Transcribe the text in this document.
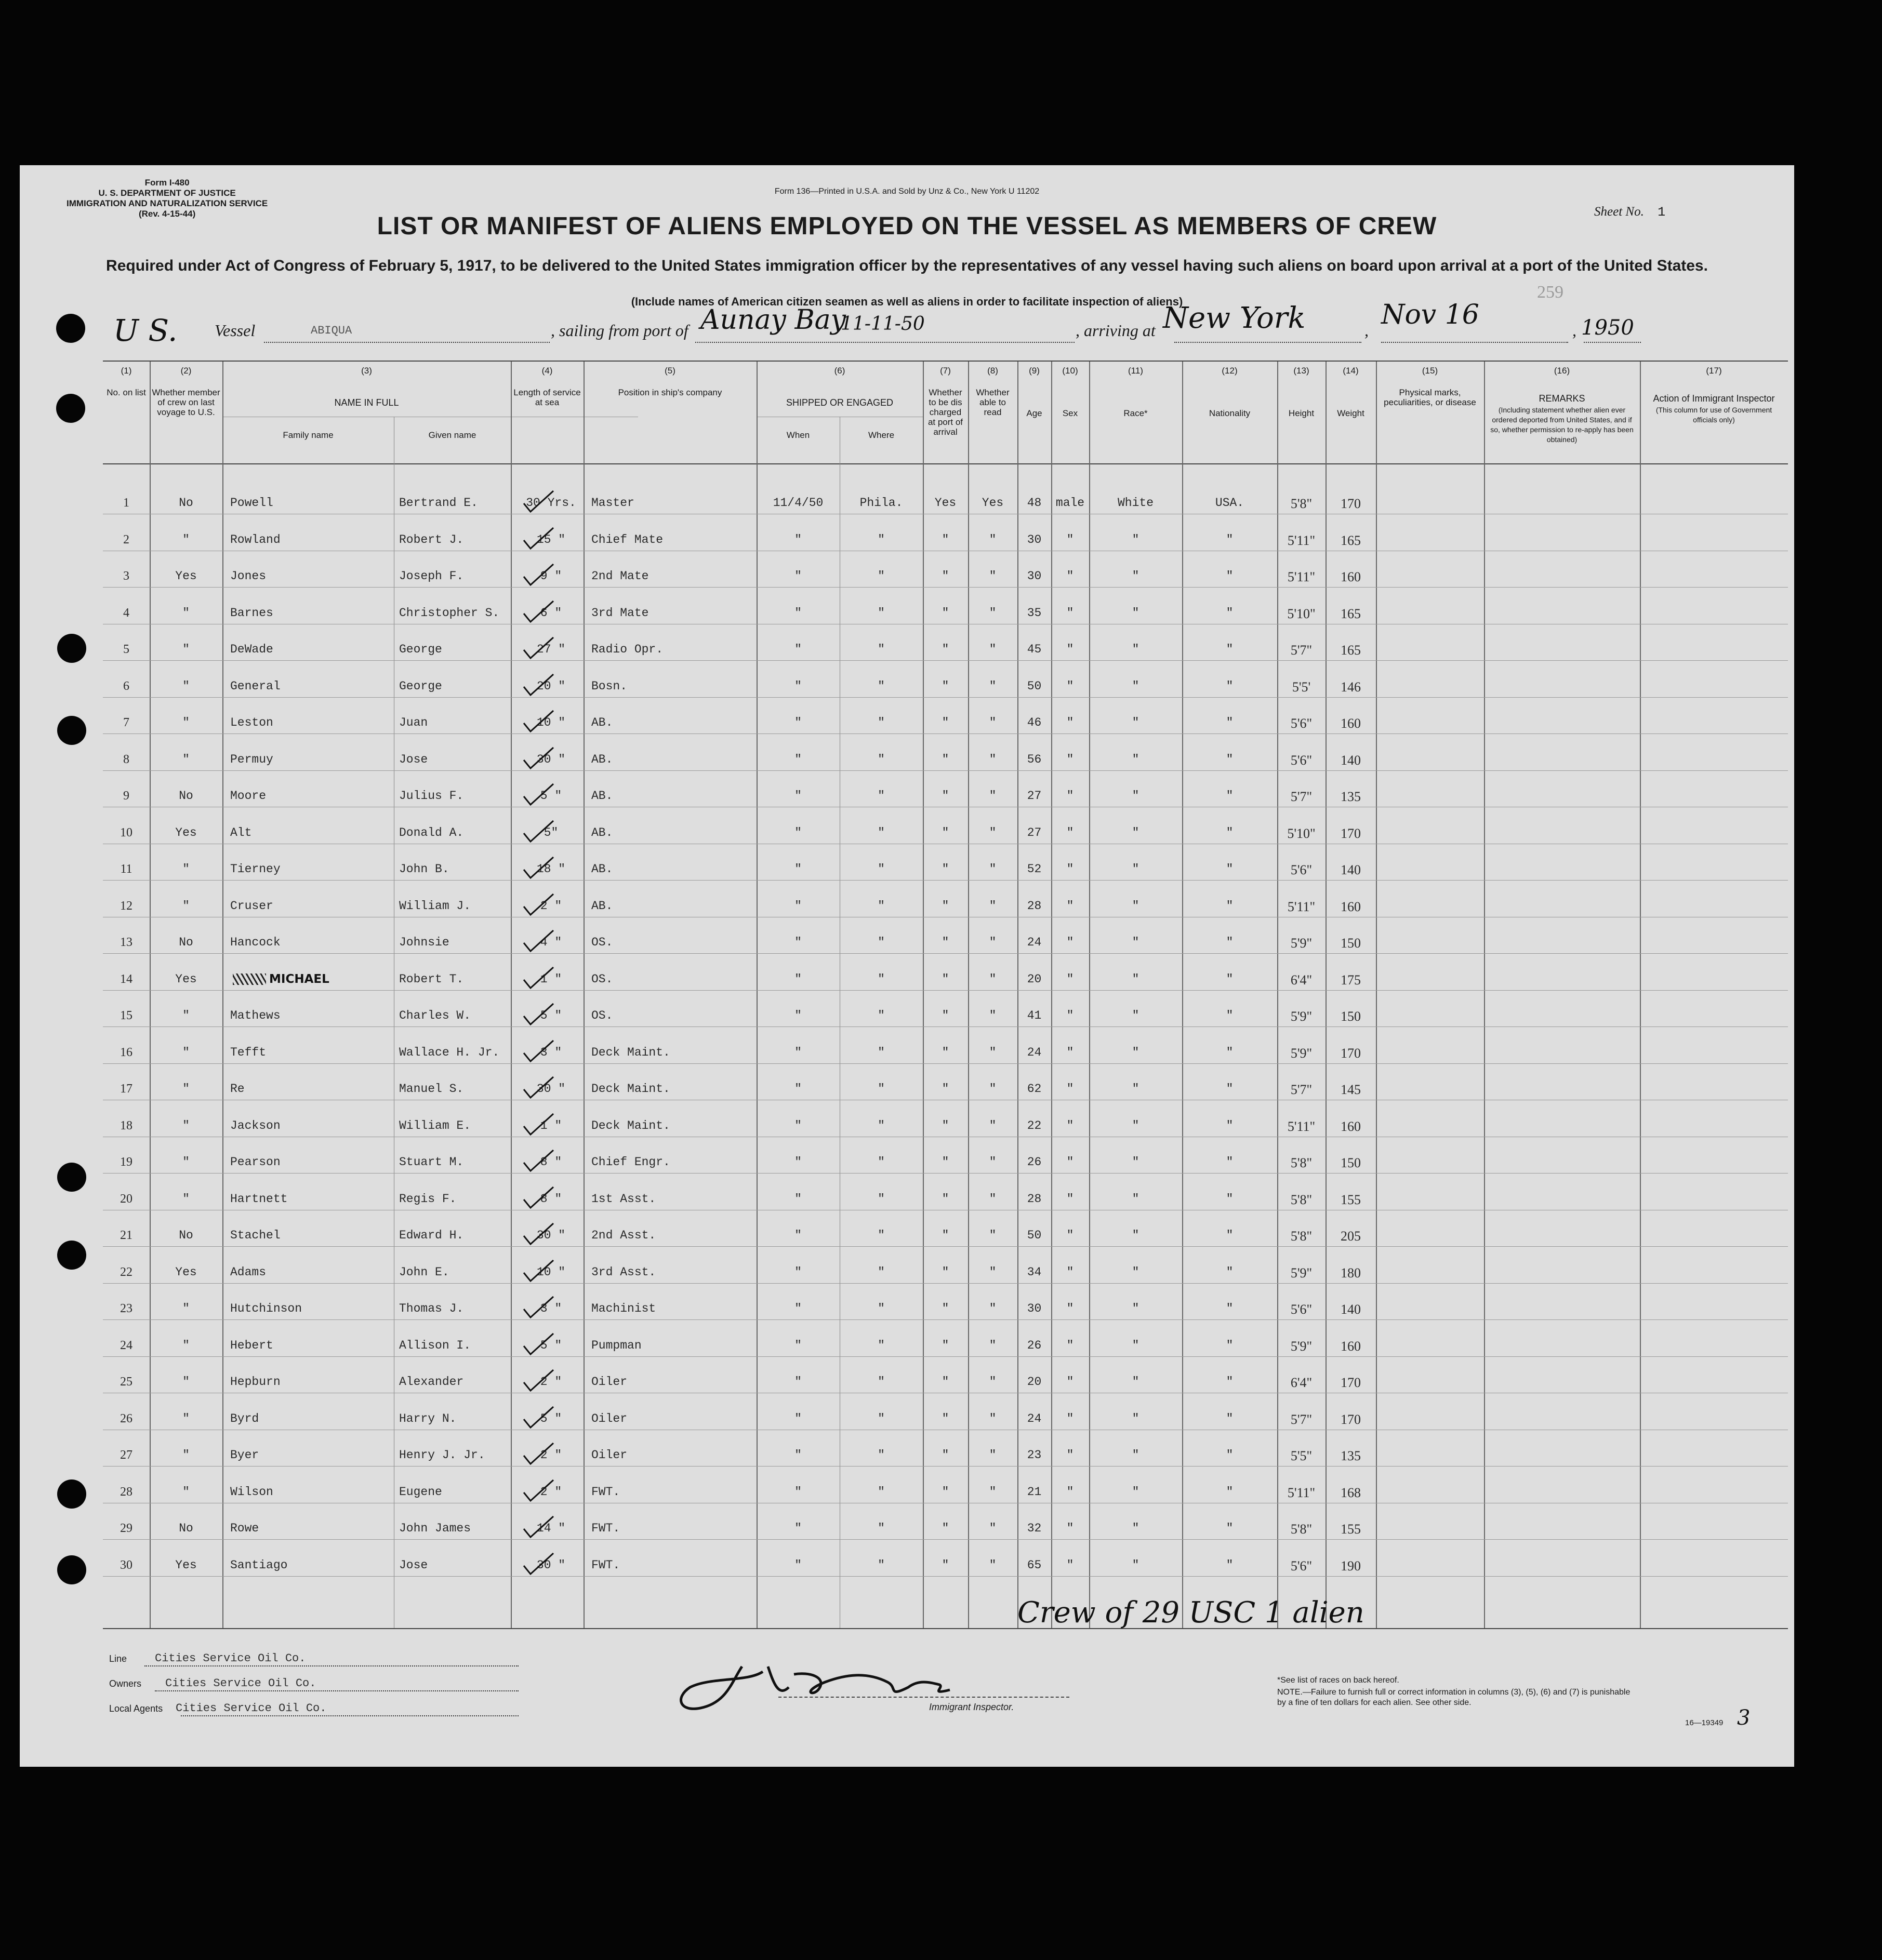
Form I-480
U. S. DEPARTMENT OF JUSTICE
IMMIGRATION AND NATURALIZATION SERVICE
(Rev. 4-15-44)
Form 136—Printed in U.S.A. and Sold by Unz & Co., New York U 11202
Sheet No. 1
LIST OR MANIFEST OF ALIENS EMPLOYED ON THE VESSEL AS MEMBERS OF CREW
Required under Act of Congress of February 5, 1917, to be delivered to the United States immigration officer by the representatives of any vessel having such aliens on board upon arrival at a port of the United States.
(Include names of American citizen seamen as well as aliens in order to facilitate inspection of aliens)	259
U S. Vessel	ABIQUA	, sailing from port of Aunay Bay
11-11-50	, arriving at New York	, Nov 16	, 1950
(1)
No. on list
(2)
Whether member of crew on last voyage to U.S.
(3)
NAME IN FULL
(4)
Length of service at sea
(5)
Position in ship's company
(6)
SHIPPED OR ENGAGED
(7)
Whether to be dis charged at port of arrival
(8)
Whether able to read
(9)
Age
(10)
Sex
(11)
Race*
(12)
Nationality
(13)
Height
(14)
Weight
(15)
Physical marks, peculiarities, or disease
(16)
REMARKS
(Including statement whether alien ever ordered deported from United States, and if so, whether permission to re-apply has been obtained)
(17)
Action of Immigrant Inspector
(This column for use of Government officials only)
Family name	Given name	When	Where
1	No	Powell	Bertrand E.	30 Yrs.	Master	11/4/50	Phila.	Yes	Yes	48	male	White	USA.	5'8"	170
2	"	Rowland	Robert J.	15 "	Chief Mate	"	"	"	"	30	"	"	"	5'11"	165
3	Yes	Jones	Joseph F.	9 "	2nd Mate	"	"	"	"	30	"	"	"	5'11"	160
4	"	Barnes	Christopher S.	6 "	3rd Mate	"	"	"	"	35	"	"	"	5'10"	165
5	"	DeWade	George	27 "	Radio Opr.	"	"	"	"	45	"	"	"	5'7"	165
6	"	General	George	20 "	Bosn.	"	"	"	"	50	"	"	"	5'5'	146
7	"	Leston	Juan	10 "	AB.	"	"	"	"	46	"	"	"	5'6"	160
8	"	Permuy	Jose	30 "	AB.	"	"	"	"	56	"	"	"	5'6"	140
9	No	Moore	Julius F.	5 "	AB.	"	"	"	"	27	"	"	"	5'7"	135
10	Yes	Alt	Donald A.	5"	AB.	"	"	"	"	27	"	"	"	5'10"	170
11	"	Tierney	John B.	18 "	AB.	"	"	"	"	52	"	"	"	5'6"	140
12	"	Cruser	William J.	2 "	AB.	"	"	"	"	28	"	"	"	5'11"	160
13	No	Hancock	Johnsie	4 "	OS.	"	"	"	"	24	"	"	"	5'9"	150
14	Yes	MICHAEL	Robert T.	1 "	OS.	"	"	"	"	20	"	"	"	6'4"	175
15	"	Mathews	Charles W.	5 "	OS.	"	"	"	"	41	"	"	"	5'9"	150
16	"	Tefft	Wallace H. Jr.	3 "	Deck Maint.	"	"	"	"	24	"	"	"	5'9"	170
17	"	Re	Manuel S.	30 "	Deck Maint.	"	"	"	"	62	"	"	"	5'7"	145
18	"	Jackson	William E.	1 "	Deck Maint.	"	"	"	"	22	"	"	"	5'11"	160
19	"	Pearson	Stuart M.	8 "	Chief Engr.	"	"	"	"	26	"	"	"	5'8"	150
20	"	Hartnett	Regis F.	8 "	1st Asst.	"	"	"	"	28	"	"	"	5'8"	155
21	No	Stachel	Edward H.	30 "	2nd Asst.	"	"	"	"	50	"	"	"	5'8"	205
22	Yes	Adams	John E.	10 "	3rd Asst.	"	"	"	"	34	"	"	"	5'9"	180
23	"	Hutchinson	Thomas J.	3 "	Machinist	"	"	"	"	30	"	"	"	5'6"	140
24	"	Hebert	Allison I.	5 "	Pumpman	"	"	"	"	26	"	"	"	5'9"	160
25	"	Hepburn	Alexander	2 "	Oiler	"	"	"	"	20	"	"	"	6'4"	170
26	"	Byrd	Harry N.	5 "	Oiler	"	"	"	"	24	"	"	"	5'7"	170
27	"	Byer	Henry J. Jr.	2 "	Oiler	"	"	"	"	23	"	"	"	5'5"	135
28	"	Wilson	Eugene	2 "	FWT.	"	"	"	"	21	"	"	"	5'11"	168
29	No	Rowe	John James	14 "	FWT.	"	"	"	"	32	"	"	"	5'8"	155
30	Yes	Santiago	Jose	30 "	FWT.	"	"	"	"	65	"	"	"	5'6"	190
Crew of 29 USC 1 alien
Line Cities Service Oil Co.
Owners Cities Service Oil Co.
Local Agents Cities Service Oil Co.	Immigrant Inspector.
*See list of races on back hereof.
NOTE.—Failure to furnish full or correct information in columns (3), (5), (6) and (7) is punishable by a fine of ten dollars for each alien. See other side.
16—19349 3
